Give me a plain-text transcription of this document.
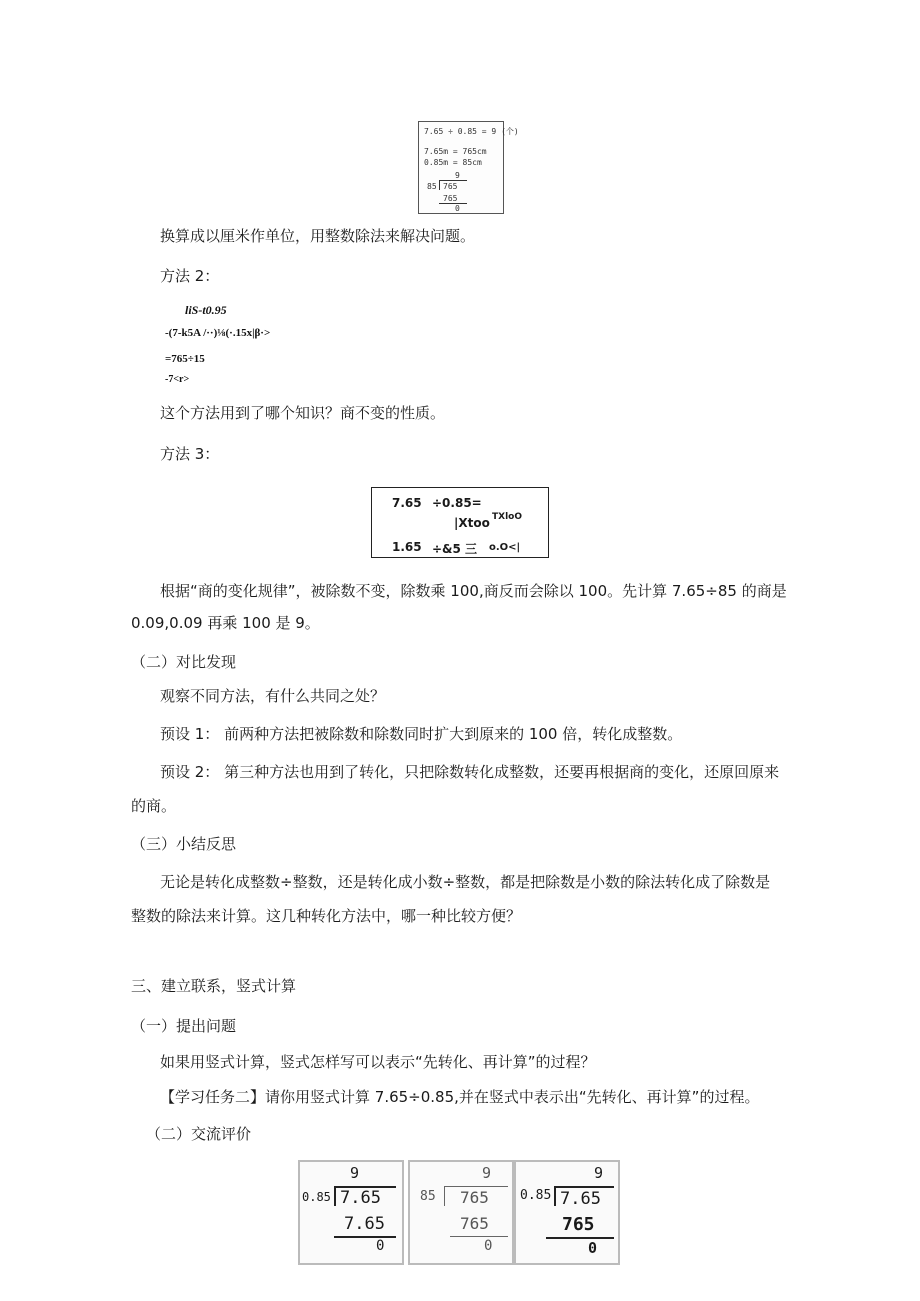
7.65 ÷ 0.85 = 9 (个)
7.65m = 765cm
0.85m = 85cm
9
85 765
765
0
换算成以厘米作单位，用整数除法来解决问题。
方法 2：
liS-t0.95
-(7-k5A /··)⅛(·.15x|β·>
=765÷15
-7<r>
这个方法用到了哪个知识？商不变的性质。
方法 3：
7.65 ÷0.85=
|Xtoo TXloO
1.65 ÷&5 三 o.O<|
根据“商的变化规律”，被除数不变，除数乘 100,商反而会除以 100。先计算 7.65÷85 的商是
0.09,0.09 再乘 100 是 9。
（二）对比发现
观察不同方法，有什么共同之处？
预设 1： 前两种方法把被除数和除数同时扩大到原来的 100 倍，转化成整数。
预设 2： 第三种方法也用到了转化，只把除数转化成整数，还要再根据商的变化，还原回原来
的商。
（三）小结反思
无论是转化成整数÷整数，还是转化成小数÷整数，都是把除数是小数的除法转化成了除数是
整数的除法来计算。这几种转化方法中，哪一种比较方便？
三、建立联系，竖式计算
（一）提出问题
如果用竖式计算，竖式怎样写可以表示“先转化、再计算”的过程？
【学习任务二】请你用竖式计算 7.65÷0.85,并在竖式中表示出“先转化、再计算”的过程。
（二）交流评价
9
0.85 7.65
7.65
0
9
85 765
765
0
9
0.85 7.65
765
0
